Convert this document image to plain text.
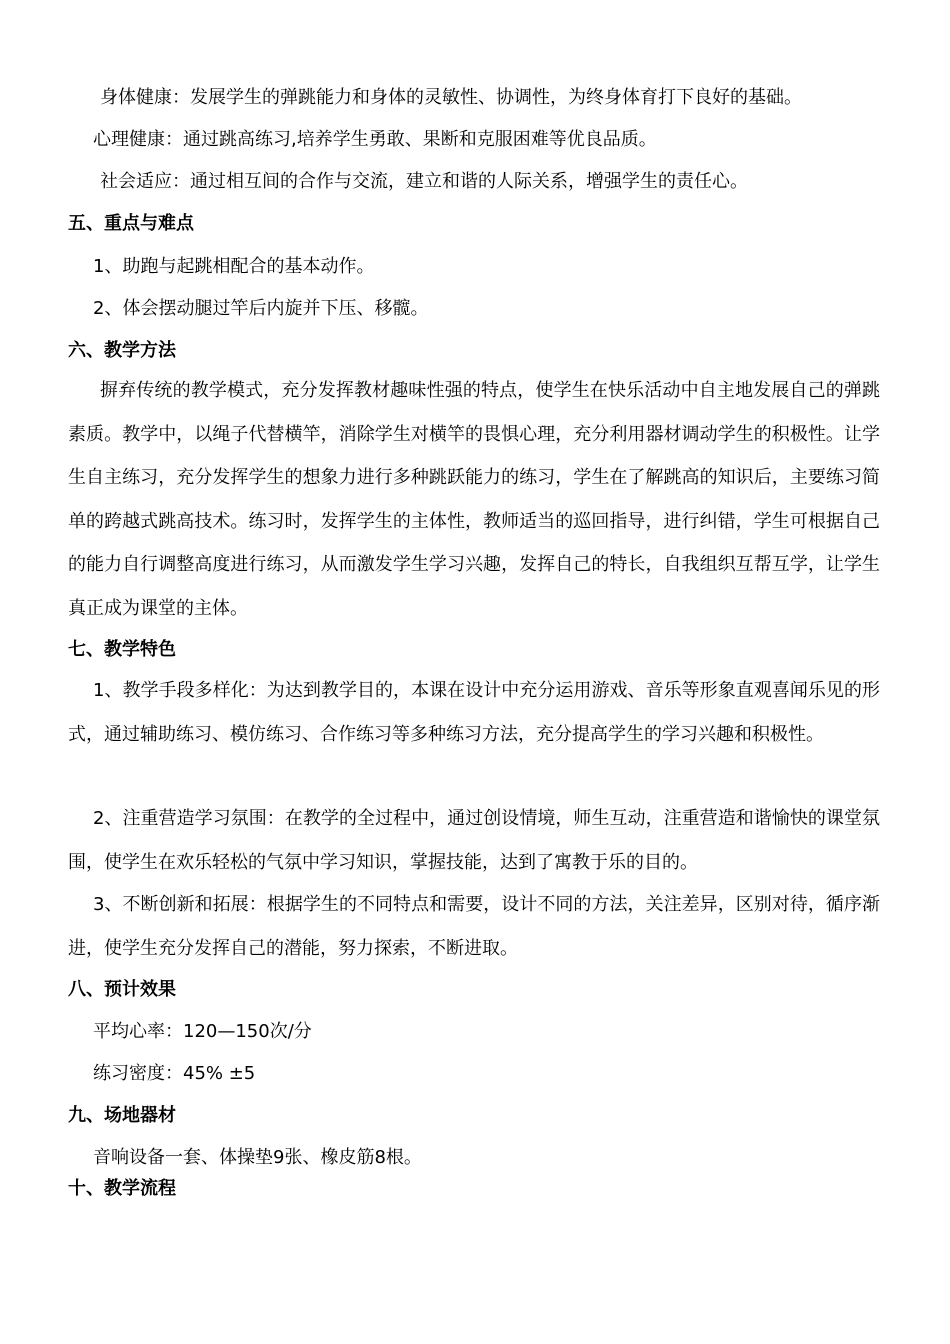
身体健康：发展学生的弹跳能力和身体的灵敏性、协调性，为终身体育打下良好的基础。
心理健康：通过跳高练习,培养学生勇敢、果断和克服困难等优良品质。
社会适应：通过相互间的合作与交流，建立和谐的人际关系，增强学生的责任心。
五、重点与难点
1、助跑与起跳相配合的基本动作。
2、体会摆动腿过竿后内旋并下压、移髋。
六、教学方法
摒弃传统的教学模式，充分发挥教材趣味性强的特点，使学生在快乐活动中自主地发展自己的弹跳素质。教学中，以绳子代替横竿，消除学生对横竿的畏惧心理，充分利用器材调动学生的积极性。让学生自主练习，充分发挥学生的想象力进行多种跳跃能力的练习，学生在了解跳高的知识后，主要练习简单的跨越式跳高技术。练习时，发挥学生的主体性，教师适当的巡回指导，进行纠错，学生可根据自己的能力自行调整高度进行练习，从而激发学生学习兴趣，发挥自己的特长，自我组织互帮互学，让学生真正成为课堂的主体。
七、教学特色
1、教学手段多样化：为达到教学目的，本课在设计中充分运用游戏、音乐等形象直观喜闻乐见的形式，通过辅助练习、模仿练习、合作练习等多种练习方法，充分提高学生的学习兴趣和积极性。
2、注重营造学习氛围：在教学的全过程中，通过创设情境，师生互动，注重营造和谐愉快的课堂氛围，使学生在欢乐轻松的气氛中学习知识，掌握技能，达到了寓教于乐的目的。
3、不断创新和拓展：根据学生的不同特点和需要，设计不同的方法，关注差异，区别对待，循序渐进，使学生充分发挥自己的潜能，努力探索，不断进取。
八、预计效果
平均心率：120—150次/分
练习密度：45% ±5
九、场地器材
音响设备一套、体操垫9张、橡皮筋8根。
十、教学流程
